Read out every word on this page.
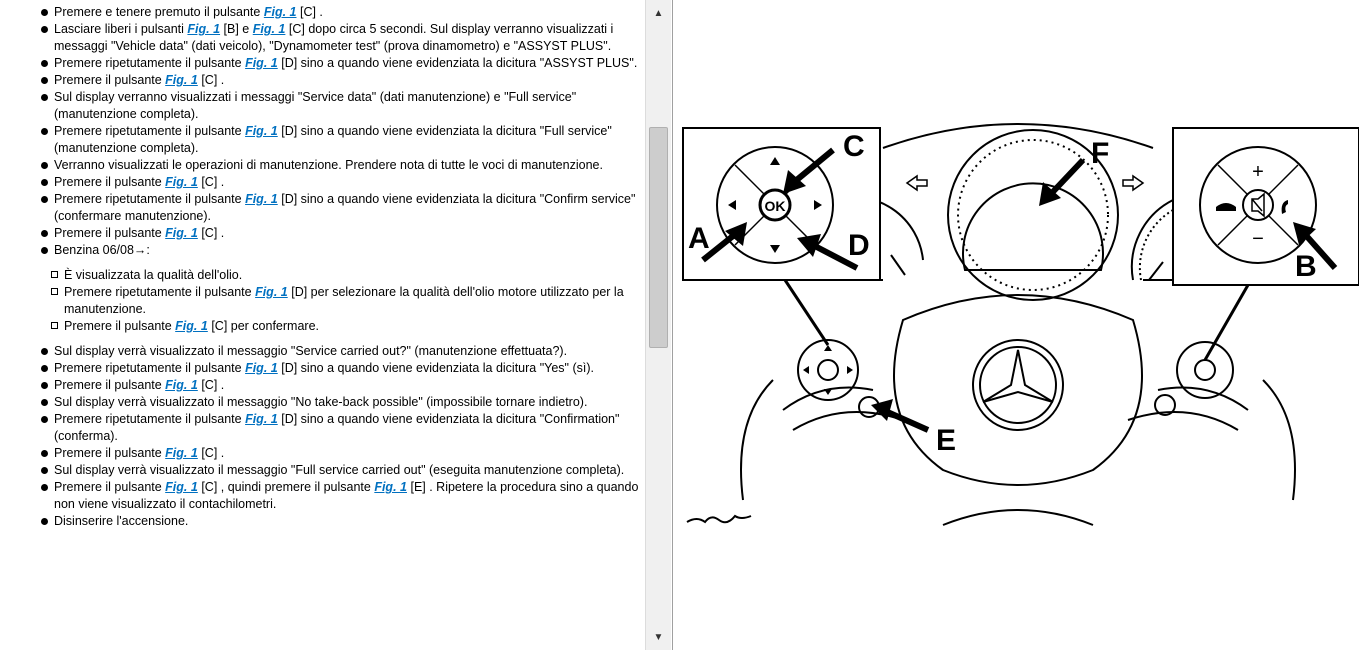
Premere e tenere premuto il pulsante Fig. 1 [C] .
Lasciare liberi i pulsanti Fig. 1 [B] e Fig. 1 [C] dopo circa 5 secondi. Sul display verranno visualizzati i messaggi "Vehicle data" (dati veicolo), "Dynamometer test" (prova dinamometro) e "ASSYST PLUS".
Premere ripetutamente il pulsante Fig. 1 [D] sino a quando viene evidenziata la dicitura "ASSYST PLUS".
Premere il pulsante Fig. 1 [C] .
Sul display verranno visualizzati i messaggi "Service data" (dati manutenzione) e "Full service" (manutenzione completa).
Premere ripetutamente il pulsante Fig. 1 [D] sino a quando viene evidenziata la dicitura "Full service" (manutenzione completa).
Verranno visualizzati le operazioni di manutenzione. Prendere nota di tutte le voci di manutenzione.
Premere il pulsante Fig. 1 [C] .
Premere ripetutamente il pulsante Fig. 1 [D] sino a quando viene evidenziata la dicitura "Confirm service" (confermare manutenzione).
Premere il pulsante Fig. 1 [C] .
Benzina 06/08→:
È visualizzata la qualità dell'olio.
Premere ripetutamente il pulsante Fig. 1 [D] per selezionare la qualità dell'olio motore utilizzato per la manutenzione.
Premere il pulsante Fig. 1 [C] per confermare.
Sul display verrà visualizzato il messaggio "Service carried out?" (manutenzione effettuata?).
Premere ripetutamente il pulsante Fig. 1 [D] sino a quando viene evidenziata la dicitura "Yes" (sì).
Premere il pulsante Fig. 1 [C] .
Sul display verrà visualizzato il messaggio "No take-back possible" (impossibile tornare indietro).
Premere ripetutamente il pulsante Fig. 1 [D] sino a quando viene evidenziata la dicitura "Confirmation" (conferma).
Premere il pulsante Fig. 1 [C] .
Sul display verrà visualizzato il messaggio "Full service carried out" (eseguita manutenzione completa).
Premere il pulsante Fig. 1 [C] , quindi premere il pulsante Fig. 1 [E] . Ripetere la procedura sino a quando non viene visualizzato il contachilometri.
Disinserire l'accensione.
▲
▼
OK
+
−
C
A	D
F
B
E
